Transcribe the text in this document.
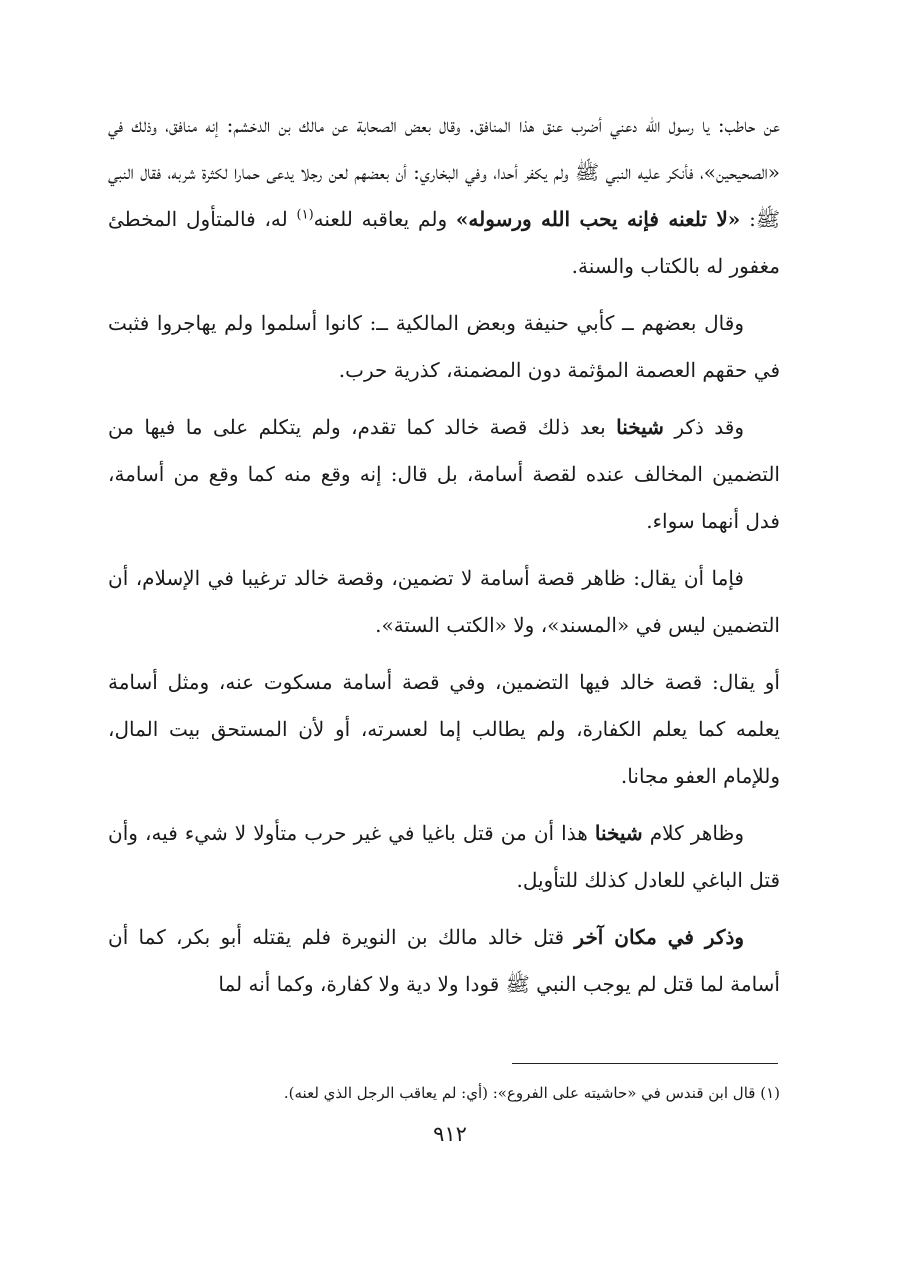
عن حاطب: يا رسول الله دعني أضرب عنق هذا المنافق. وقال بعض الصحابة عن مالك بن الدخشم: إنه منافق، وذلك في «الصحيحين»، فأنكر عليه النبي ﷺ ولم يكفر أحدا، وفي البخاري: أن بعضهم لعن رجلا يدعى حمارا لكثرة شربه، فقال النبي ﷺ: «لا تلعنه فإنه يحب الله ورسوله» ولم يعاقبه للعنه$^{(١)}$ له، فالمتأول المخطئ مغفور له بالكتاب والسنة.

وقال بعضهم ــ كأبي حنيفة وبعض المالكية ــ: كانوا أسلموا ولم يهاجروا فثبت في حقهم العصمة المؤثمة دون المضمنة، كذرية حرب.

وقد ذكر شيخنا بعد ذلك قصة خالد كما تقدم، ولم يتكلم على ما فيها من التضمين المخالف عنده لقصة أسامة، بل قال: إنه وقع منه كما وقع من أسامة، فدل أنهما سواء.

فإما أن يقال: ظاهر قصة أسامة لا تضمين، وقصة خالد ترغيبا في الإسلام، أن التضمين ليس في «المسند»، ولا «الكتب الستة».

أو يقال: قصة خالد فيها التضمين، وفي قصة أسامة مسكوت عنه، ومثل أسامة يعلمه كما يعلم الكفارة، ولم يطالب إما لعسرته، أو لأن المستحق بيت المال، وللإمام العفو مجانا.

وظاهر كلام شيخنا هذا أن من قتل باغيا في غير حرب متأولا لا شيء فيه، وأن قتل الباغي للعادل كذلك للتأويل.

وذكر في مكان آخر قتل خالد مالك بن النويرة فلم يقتله أبو بكر، كما أن أسامة لما قتل لم يوجب النبي ﷺ قودا ولا دية ولا كفارة، وكما أنه لما

(١) قال ابن قندس في «حاشيته على الفروع»: (أي: لم يعاقب الرجل الذي لعنه).
٩١٢
